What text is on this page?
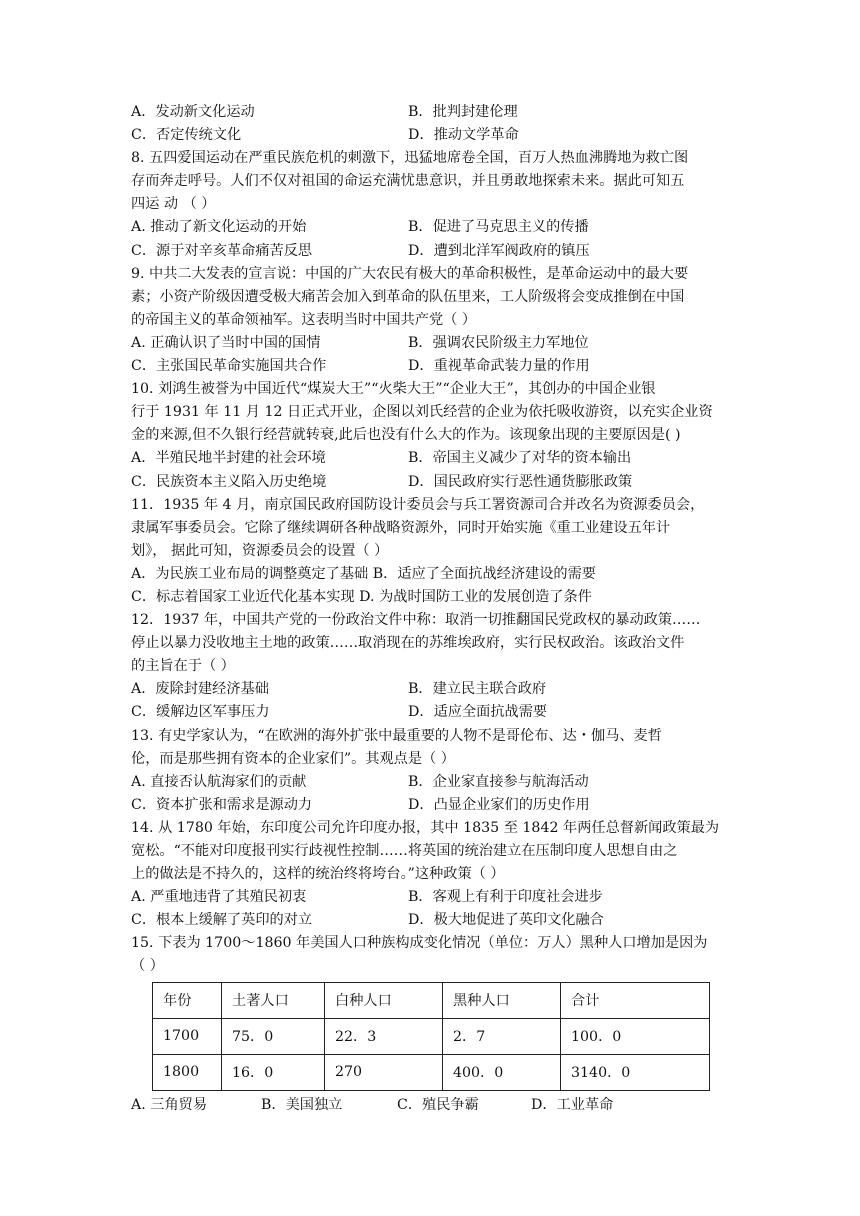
A．发动新文化运动	B．批判封建伦理
C．否定传统文化	D．推动文学革命
8. 五四爱国运动在严重民族危机的刺激下，迅猛地席卷全国，百万人热血沸腾地为救亡图
存而奔走呼号。人们不仅对祖国的命运充满忧患意识，并且勇敢地探索未来。据此可知五
四运 动 （ ）
A. 推动了新文化运动的开始	B．促进了马克思主义的传播
C．源于对辛亥革命痛苦反思	D．遭到北洋军阀政府的镇压
9. 中共二大发表的宣言说：中国的广大农民有极大的革命积极性，是革命运动中的最大要
素；小资产阶级因遭受极大痛苦会加入到革命的队伍里来，工人阶级将会变成推倒在中国
的帝国主义的革命领袖军。这表明当时中国共产党（ ）
A. 正确认识了当时中国的国情	B．强调农民阶级主力军地位
C．主张国民革命实施国共合作	D．重视革命武装力量的作用
10. 刘鸿生被誉为中国近代“煤炭大王”“火柴大王”“企业大王”，其创办的中国企业银
行于 1931 年 11 月 12 日正式开业，企图以刘氏经营的企业为依托吸收游资，以充实企业资
金的来源,但不久银行经营就转衰,此后也没有什么大的作为。该现象出现的主要原因是( )
A．半殖民地半封建的社会环境	B．帝国主义减少了对华的资本输出
C．民族资本主义陷入历史绝境	D．国民政府实行恶性通货膨胀政策
11．1935 年 4 月，南京国民政府国防设计委员会与兵工署资源司合并改名为资源委员会，
隶属军事委员会。它除了继续调研各种战略资源外，同时开始实施《重工业建设五年计
划》， 据此可知，资源委员会的设置（ ）
A．为民族工业布局的调整奠定了基础 B．适应了全面抗战经济建设的需要
C．标志着国家工业近代化基本实现 D. 为战时国防工业的发展创造了条件
12．1937 年，中国共产党的一份政治文件中称：取消一切推翻国民党政权的暴动政策……
停止以暴力没收地主土地的政策……取消现在的苏维埃政府，实行民权政治。该政治文件
的主旨在于（ ）
A．废除封建经济基础	B．建立民主联合政府
C．缓解边区军事压力	D．适应全面抗战需要
13. 有史学家认为，“在欧洲的海外扩张中最重要的人物不是哥伦布、达・伽马、麦哲
伦，而是那些拥有资本的企业家们”。其观点是（ ）
A. 直接否认航海家们的贡献	B．企业家直接参与航海活动
C．资本扩张和需求是源动力	D．凸显企业家们的历史作用
14. 从 1780 年始，东印度公司允许印度办报，其中 1835 至 1842 年两任总督新闻政策最为
宽松。“不能对印度报刊实行歧视性控制……将英国的统治建立在压制印度人思想自由之
上的做法是不持久的，这样的统治终将垮台。”这种政策（ ）
A. 严重地违背了其殖民初衷	B．客观上有利于印度社会进步
C．根本上缓解了英印的对立	D．极大地促进了英印文化融合
15. 下表为 1700～1860 年美国人口种族构成变化情况（单位：万人）黑种人口增加是因为
（ ）
年份	土著人口	白种人口	黑种人口	合计
1700	75．0	22．3	2．7	100．0
1800	16．0	270	400．0	3140．0
A. 三角贸易	B．美国独立	C．殖民争霸	D．工业革命
